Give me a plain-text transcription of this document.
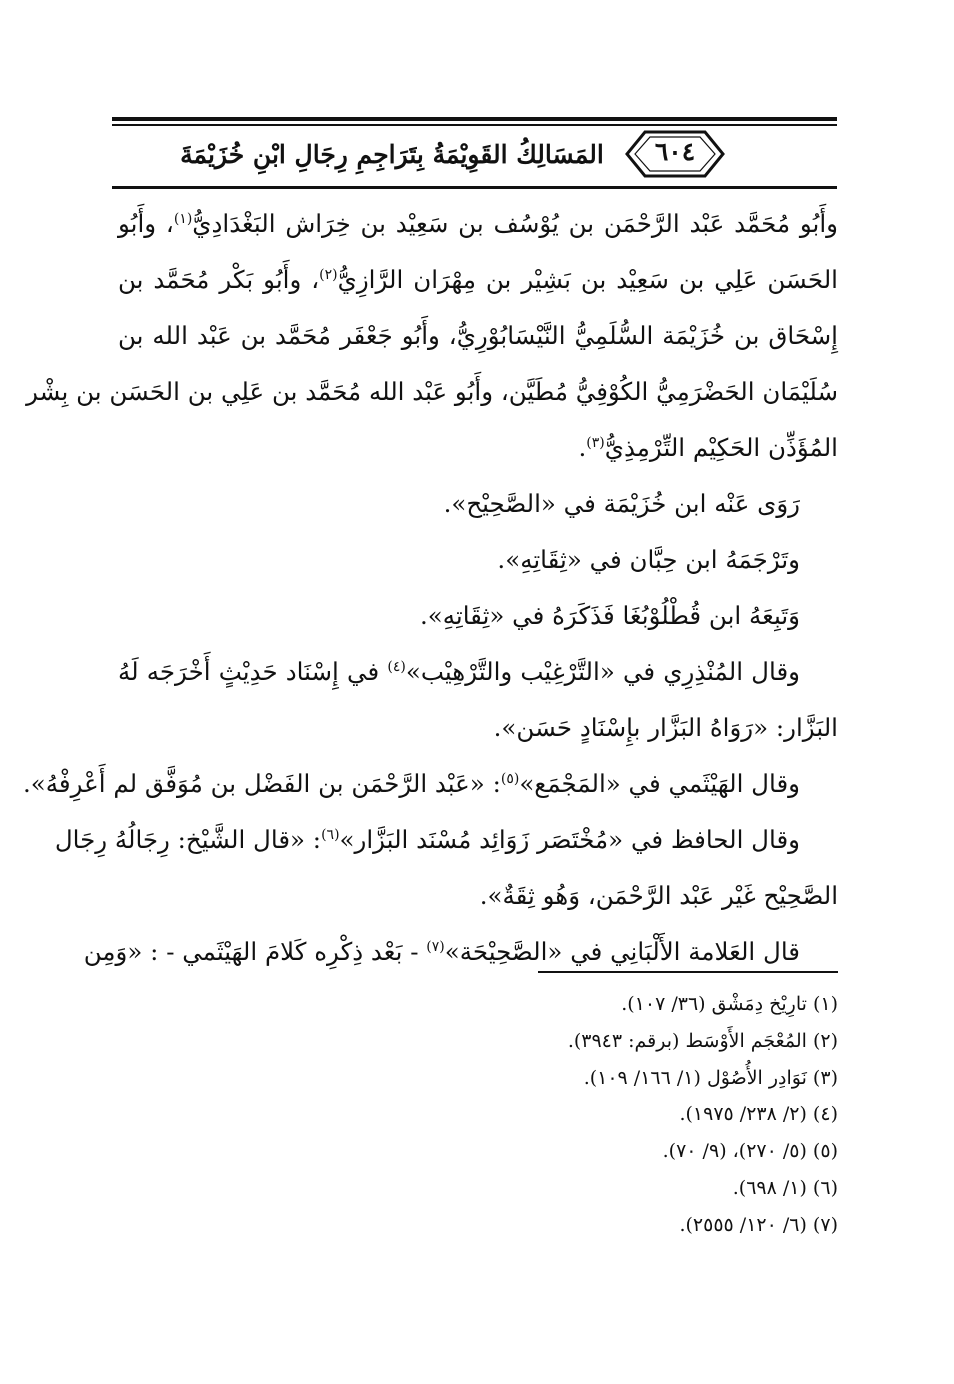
٦٠٤
المَسَالِكُ القَوِيْمَةُ بِتَرَاجِمِ رِجَالِ ابْنِ خُزَيْمَةَ
وأَبُو مُحَمَّد عَبْد الرَّحْمَن بن يُوْسُف بن سَعِيْد بن خِرَاش البَغْدَادِيُّ$^{(١)}$، وأَبُو
الحَسَن عَلِي بن سَعِيْد بن بَشِيْر بن مِهْرَان الرَّازِيُّ$^{(٢)}$، وأَبُو بَكْر مُحَمَّد بن
إِسْحَاق بن خُزَيْمَة السُّلَمِيُّ النَّيْسَابُوْرِيُّ، وأَبُو جَعْفَر مُحَمَّد بن عَبْد الله بن
سُلَيْمَان الحَضْرَمِيُّ الكُوْفِيُّ مُطَيَّن، وأَبُو عَبْد الله مُحَمَّد بن عَلِي بن الحَسَن بن بِشْر
المُؤَذِّن الحَكِيْم التِّرْمِذِيُّ$^{(٣)}$.
رَوَى عَنْه ابن خُزَيْمَة في «الصَّحِيْح».
وتَرْجَمَهُ ابن حِبَّان في «ثِقَاتِهِ».
وَتَبِعَهُ ابن قُطْلُوْبُغَا فَذَكَرَهُ في «ثِقَاتِهِ».
وقال المُنْذِرِي في «التَّرْغِيْب والتَّرْهِيْب»$^{(٤)}$ في إِسْنَاد حَدِيْثٍ أَخْرَجَه لَهُ
البَزَّار: «رَوَاهُ البَزَّار بإِسْنَادٍ حَسَن».
وقال الهَيْثَمي في «المَجْمَع»$^{(٥)}$: «عَبْد الرَّحْمَن بن الفَضْل بن مُوَفَّق لم أَعْرِفْهُ».
وقال الحافظ في «مُخْتَصَر زَوَائِد مُسْنَد البَزَّار»$^{(٦)}$: «قال الشَّيْخ: رِجَالُهُ رِجَال
الصَّحِيْح غَيْر عَبْد الرَّحْمَن، وَهُو ثِقَةٌ».
قال العَلامة الأَلْبَانِي في «الصَّحِيْحَة»$^{(٧)}$ - بَعْد ذِكْرِه كَلامَ الهَيْثَمي - : «وَمِن
(١) تارِيْخ دِمَشْق (٣٦/ ١٠٧).
(٢) المُعْجَم الأَوْسَط (برقم: ٣٩٤٣).
(٣) نَوَادِر الأُصُوْل (١/ ١٦٦/ ١٠٩).
(٤) (٢/ ٢٣٨/ ١٩٧٥).
(٥) (٥/ ٢٧٠)، (٩/ ٧٠).
(٦) (١/ ٦٩٨).
(٧) (٦/ ١٢٠/ ٢٥٥٥).
